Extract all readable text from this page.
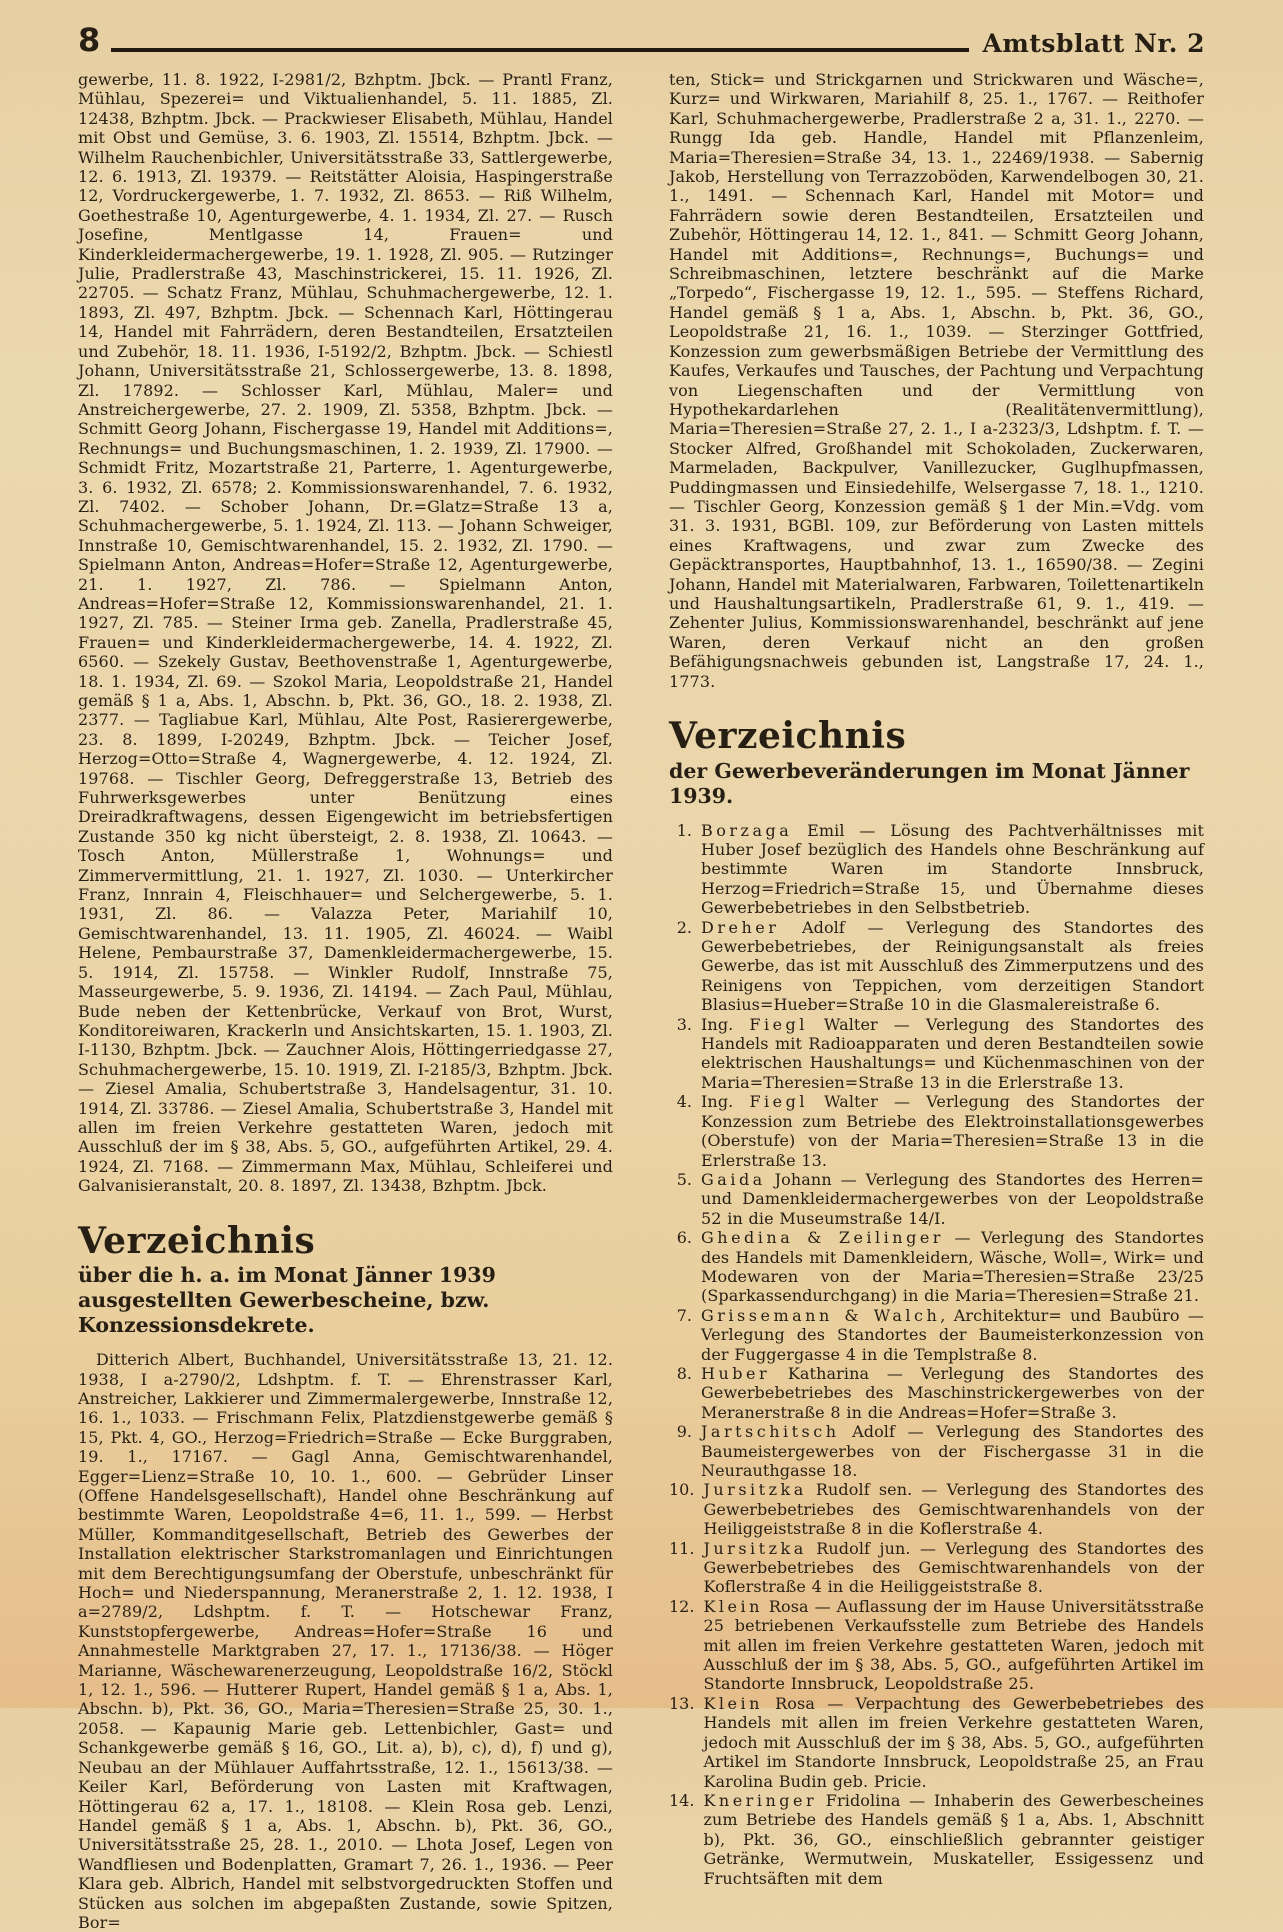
8	Amtsblatt Nr. 2

gewerbe, 11. 8. 1922, I-2981/2, Bzhptm. Jbck. — Prantl Franz, Mühlau, Spezerei= und Viktualienhandel, 5. 11. 1885, Zl. 12438, Bzhptm. Jbck. — Prackwieser Elisabeth, Mühlau, Handel mit Obst und Gemüse, 3. 6. 1903, Zl. 15514, Bzhptm. Jbck. — Wilhelm Rauchenbichler, Universitätsstraße 33, Sattlergewerbe, 12. 6. 1913, Zl. 19379. — Reitstätter Aloisia, Haspingerstraße 12, Vordruckergewerbe, 1. 7. 1932, Zl. 8653. — Riß Wilhelm, Goethestraße 10, Agenturgewerbe, 4. 1. 1934, Zl. 27. — Rusch Josefine, Mentlgasse 14, Frauen= und Kinderkleidermachergewerbe, 19. 1. 1928, Zl. 905. — Rutzinger Julie, Pradlerstraße 43, Maschinstrickerei, 15. 11. 1926, Zl. 22705. — Schatz Franz, Mühlau, Schuhmachergewerbe, 12. 1. 1893, Zl. 497, Bzhptm. Jbck. — Schennach Karl, Höttingerau 14, Handel mit Fahrrädern, deren Bestandteilen, Ersatzteilen und Zubehör, 18. 11. 1936, I-5192/2, Bzhptm. Jbck. — Schiestl Johann, Universitätsstraße 21, Schlossergewerbe, 13. 8. 1898, Zl. 17892. — Schlosser Karl, Mühlau, Maler= und Anstreichergewerbe, 27. 2. 1909, Zl. 5358, Bzhptm. Jbck. — Schmitt Georg Johann, Fischergasse 19, Handel mit Additions=, Rechnungs= und Buchungsmaschinen, 1. 2. 1939, Zl. 17900. — Schmidt Fritz, Mozartstraße 21, Parterre, 1. Agenturgewerbe, 3. 6. 1932, Zl. 6578; 2. Kommissionswarenhandel, 7. 6. 1932, Zl. 7402. — Schober Johann, Dr.=Glatz=Straße 13 a, Schuhmachergewerbe, 5. 1. 1924, Zl. 113. — Johann Schweiger, Innstraße 10, Gemischtwarenhandel, 15. 2. 1932, Zl. 1790. — Spielmann Anton, Andreas=Hofer=Straße 12, Agenturgewerbe, 21. 1. 1927, Zl. 786. — Spielmann Anton, Andreas=Hofer=Straße 12, Kommissionswarenhandel, 21. 1. 1927, Zl. 785. — Steiner Irma geb. Zanella, Pradlerstraße 45, Frauen= und Kinderkleidermachergewerbe, 14. 4. 1922, Zl. 6560. — Szekely Gustav, Beethovenstraße 1, Agenturgewerbe, 18. 1. 1934, Zl. 69. — Szokol Maria, Leopoldstraße 21, Handel gemäß § 1 a, Abs. 1, Abschn. b, Pkt. 36, GO., 18. 2. 1938, Zl. 2377. — Tagliabue Karl, Mühlau, Alte Post, Rasierergewerbe, 23. 8. 1899, I-20249, Bzhptm. Jbck. — Teicher Josef, Herzog=Otto=Straße 4, Wagnergewerbe, 4. 12. 1924, Zl. 19768. — Tischler Georg, Defreggerstraße 13, Betrieb des Fuhrwerksgewerbes unter Benützung eines Dreiradkraftwagens, dessen Eigengewicht im betriebsfertigen Zustande 350 kg nicht übersteigt, 2. 8. 1938, Zl. 10643. — Tosch Anton, Müllerstraße 1, Wohnungs= und Zimmervermittlung, 21. 1. 1927, Zl. 1030. — Unterkircher Franz, Innrain 4, Fleischhauer= und Selchergewerbe, 5. 1. 1931, Zl. 86. — Valazza Peter, Mariahilf 10, Gemischtwarenhandel, 13. 11. 1905, Zl. 46024. — Waibl Helene, Pembaurstraße 37, Damenkleidermachergewerbe, 15. 5. 1914, Zl. 15758. — Winkler Rudolf, Innstraße 75, Masseurgewerbe, 5. 9. 1936, Zl. 14194. — Zach Paul, Mühlau, Bude neben der Kettenbrücke, Verkauf von Brot, Wurst, Konditoreiwaren, Krackerln und Ansichtskarten, 15. 1. 1903, Zl. I-1130, Bzhptm. Jbck. — Zauchner Alois, Höttingerriedgasse 27, Schuhmachergewerbe, 15. 10. 1919, Zl. I-2185/3, Bzhptm. Jbck. — Ziesel Amalia, Schubertstraße 3, Handelsagentur, 31. 10. 1914, Zl. 33786. — Ziesel Amalia, Schubertstraße 3, Handel mit allen im freien Verkehre gestatteten Waren, jedoch mit Ausschluß der im § 38, Abs. 5, GO., aufgeführten Artikel, 29. 4. 1924, Zl. 7168. — Zimmermann Max, Mühlau, Schleiferei und Galvanisieranstalt, 20. 8. 1897, Zl. 13438, Bzhptm. Jbck.

Verzeichnis
über die h. a. im Monat Jänner 1939 ausgestellten Gewerbescheine, bzw. Konzessionsdekrete.

Ditterich Albert, Buchhandel, Universitätsstraße 13, 21. 12. 1938, I a-2790/2, Ldshptm. f. T. — Ehrenstrasser Karl, Anstreicher, Lakkierer und Zimmermalergewerbe, Innstraße 12, 16. 1., 1033. — Frischmann Felix, Platzdienstgewerbe gemäß § 15, Pkt. 4, GO., Herzog=Friedrich=Straße — Ecke Burggraben, 19. 1., 17167. — Gagl Anna, Gemischtwarenhandel, Egger=Lienz=Straße 10, 10. 1., 600. — Gebrüder Linser (Offene Handelsgesellschaft), Handel ohne Beschränkung auf bestimmte Waren, Leopoldstraße 4=6, 11. 1., 599. — Herbst Müller, Kommanditgesellschaft, Betrieb des Gewerbes der Installation elektrischer Starkstromanlagen und Einrichtungen mit dem Berechtigungsumfang der Oberstufe, unbeschränkt für Hoch= und Niederspannung, Meranerstraße 2, 1. 12. 1938, I a=2789/2, Ldshptm. f. T. — Hotschewar Franz, Kunststopfergewerbe, Andreas=Hofer=Straße 16 und Annahmestelle Marktgraben 27, 17. 1., 17136/38. — Höger Marianne, Wäschewarenerzeugung, Leopoldstraße 16/2, Stöckl 1, 12. 1., 596. — Hutterer Rupert, Handel gemäß § 1 a, Abs. 1, Abschn. b), Pkt. 36, GO., Maria=Theresien=Straße 25, 30. 1., 2058. — Kapaunig Marie geb. Lettenbichler, Gast= und Schankgewerbe gemäß § 16, GO., Lit. a), b), c), d), f) und g), Neubau an der Mühlauer Auffahrtsstraße, 12. 1., 15613/38. — Keiler Karl, Beförderung von Lasten mit Kraftwagen, Höttingerau 62 a, 17. 1., 18108. — Klein Rosa geb. Lenzi, Handel gemäß § 1 a, Abs. 1, Abschn. b), Pkt. 36, GO., Universitätsstraße 25, 28. 1., 2010. — Lhota Josef, Legen von Wandfliesen und Bodenplatten, Gramart 7, 26. 1., 1936. — Peer Klara geb. Albrich, Handel mit selbstvorgedruckten Stoffen und Stücken aus solchen im abgepaßten Zustande, sowie Spitzen, Bor=

ten, Stick= und Strickgarnen und Strickwaren und Wäsche=, Kurz= und Wirkwaren, Mariahilf 8, 25. 1., 1767. — Reithofer Karl, Schuhmachergewerbe, Pradlerstraße 2 a, 31. 1., 2270. — Rungg Ida geb. Handle, Handel mit Pflanzenleim, Maria=Theresien=Straße 34, 13. 1., 22469/1938. — Sabernig Jakob, Herstellung von Terrazzoböden, Karwendelbogen 30, 21. 1., 1491. — Schennach Karl, Handel mit Motor= und Fahrrädern sowie deren Bestandteilen, Ersatzteilen und Zubehör, Höttingerau 14, 12. 1., 841. — Schmitt Georg Johann, Handel mit Additions=, Rechnungs=, Buchungs= und Schreibmaschinen, letztere beschränkt auf die Marke „Torpedo“, Fischergasse 19, 12. 1., 595. — Steffens Richard, Handel gemäß § 1 a, Abs. 1, Abschn. b, Pkt. 36, GO., Leopoldstraße 21, 16. 1., 1039. — Sterzinger Gottfried, Konzession zum gewerbsmäßigen Betriebe der Vermittlung des Kaufes, Verkaufes und Tausches, der Pachtung und Verpachtung von Liegenschaften und der Vermittlung von Hypothekardarlehen (Realitätenvermittlung), Maria=Theresien=Straße 27, 2. 1., I a-2323/3, Ldshptm. f. T. — Stocker Alfred, Großhandel mit Schokoladen, Zuckerwaren, Marmeladen, Backpulver, Vanillezucker, Guglhupfmassen, Puddingmassen und Einsiedehilfe, Welsergasse 7, 18. 1., 1210. — Tischler Georg, Konzession gemäß § 1 der Min.=Vdg. vom 31. 3. 1931, BGBl. 109, zur Beförderung von Lasten mittels eines Kraftwagens, und zwar zum Zwecke des Gepäcktransportes, Hauptbahnhof, 13. 1., 16590/38. — Zegini Johann, Handel mit Materialwaren, Farbwaren, Toilettenartikeln und Haushaltungsartikeln, Pradlerstraße 61, 9. 1., 419. — Zehenter Julius, Kommissionswarenhandel, beschränkt auf jene Waren, deren Verkauf nicht an den großen Befähigungsnachweis gebunden ist, Langstraße 17, 24. 1., 1773.

Verzeichnis
der Gewerbeveränderungen im Monat Jänner 1939.
1. Borzaga Emil — Lösung des Pachtverhältnisses mit Huber Josef bezüglich des Handels ohne Beschränkung auf bestimmte Waren im Standorte Innsbruck, Herzog=Friedrich=Straße 15, und Übernahme dieses Gewerbebetriebes in den Selbstbetrieb.

2. Dreher Adolf — Verlegung des Standortes des Gewerbebetriebes, der Reinigungsanstalt als freies Gewerbe, das ist mit Ausschluß des Zimmerputzens und des Reinigens von Teppichen, vom derzeitigen Standort Blasius=Hueber=Straße 10 in die Glasmalereistraße 6.

3. Ing. Fiegl Walter — Verlegung des Standortes des Handels mit Radioapparaten und deren Bestandteilen sowie elektrischen Haushaltungs= und Küchenmaschinen von der Maria=Theresien=Straße 13 in die Erlerstraße 13.

4. Ing. Fiegl Walter — Verlegung des Standortes der Konzession zum Betriebe des Elektroinstallationsgewerbes (Oberstufe) von der Maria=Theresien=Straße 13 in die Erlerstraße 13.

5. Gaida Johann — Verlegung des Standortes des Herren= und Damenkleidermachergewerbes von der Leopoldstraße 52 in die Museumstraße 14/I.

6. Ghedina & Zeilinger — Verlegung des Standortes des Handels mit Damenkleidern, Wäsche, Woll=, Wirk= und Modewaren von der Maria=Theresien=Straße 23/25 (Sparkassendurchgang) in die Maria=Theresien=Straße 21.

7. Grissemann & Walch, Architektur= und Baubüro — Verlegung des Standortes der Baumeisterkonzession von der Fuggergasse 4 in die Templstraße 8.

8. Huber Katharina — Verlegung des Standortes des Gewerbebetriebes des Maschinstrickergewerbes von der Meranerstraße 8 in die Andreas=Hofer=Straße 3.

9. Jartschitsch Adolf — Verlegung des Standortes des Baumeistergewerbes von der Fischergasse 31 in die Neurauthgasse 18.

10. Jursitzka Rudolf sen. — Verlegung des Standortes des Gewerbebetriebes des Gemischtwarenhandels von der Heiliggeiststraße 8 in die Koflerstraße 4.

11. Jursitzka Rudolf jun. — Verlegung des Standortes des Gewerbebetriebes des Gemischtwarenhandels von der Koflerstraße 4 in die Heiliggeiststraße 8.

12. Klein Rosa — Auflassung der im Hause Universitätsstraße 25 betriebenen Verkaufsstelle zum Betriebe des Handels mit allen im freien Verkehre gestatteten Waren, jedoch mit Ausschluß der im § 38, Abs. 5, GO., aufgeführten Artikel im Standorte Innsbruck, Leopoldstraße 25.

13. Klein Rosa — Verpachtung des Gewerbebetriebes des Handels mit allen im freien Verkehre gestatteten Waren, jedoch mit Ausschluß der im § 38, Abs. 5, GO., aufgeführten Artikel im Standorte Innsbruck, Leopoldstraße 25, an Frau Karolina Budin geb. Pricie.

14. Kneringer Fridolina — Inhaberin des Gewerbescheines zum Betriebe des Handels gemäß § 1 a, Abs. 1, Abschnitt b), Pkt. 36, GO., einschließlich gebrannter geistiger Getränke, Wermutwein, Muskateller, Essigessenz und Fruchtsäften mit dem
